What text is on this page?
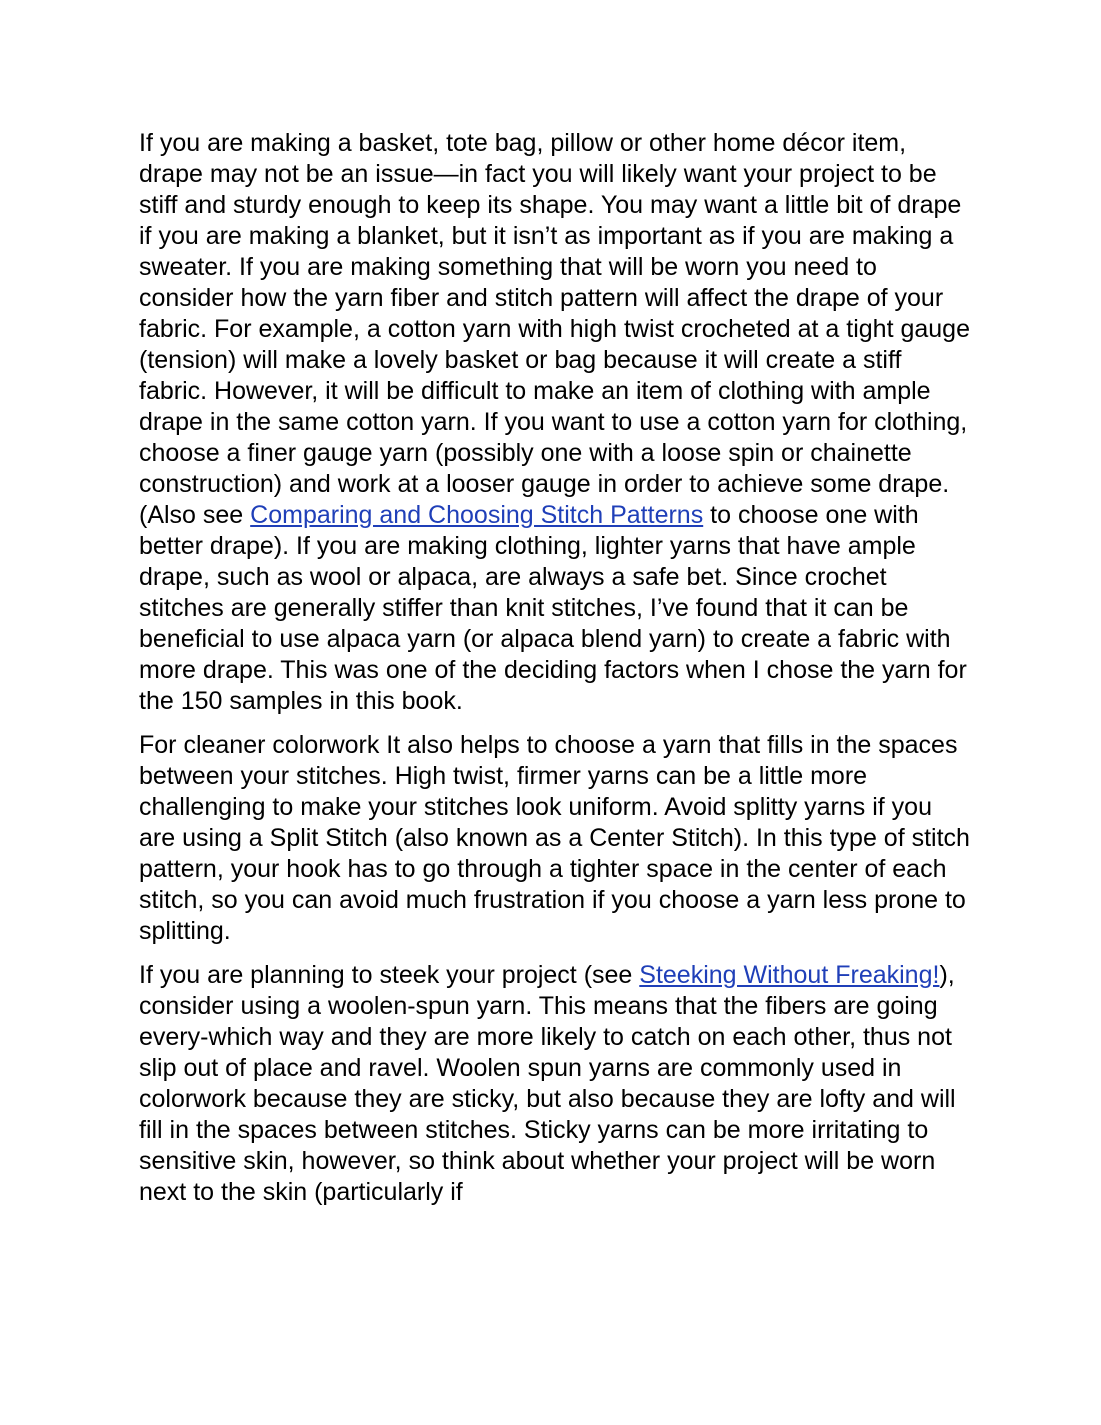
If you are making a basket, tote bag, pillow or other home décor item, drape may not be an issue—in fact you will likely want your project to be stiff and sturdy enough to keep its shape. You may want a little bit of drape if you are making a blanket, but it isn’t as important as if you are making a sweater. If you are making something that will be worn you need to consider how the yarn fiber and stitch pattern will affect the drape of your fabric. For example, a cotton yarn with high twist crocheted at a tight gauge (tension) will make a lovely basket or bag because it will create a stiff fabric. However, it will be difficult to make an item of clothing with ample drape in the same cotton yarn. If you want to use a cotton yarn for clothing, choose a finer gauge yarn (possibly one with a loose spin or chainette construction) and work at a looser gauge in order to achieve some drape. (Also see Comparing and Choosing Stitch Patterns to choose one with better drape). If you are making clothing, lighter yarns that have ample drape, such as wool or alpaca, are always a safe bet. Since crochet stitches are generally stiffer than knit stitches, I’ve found that it can be beneficial to use alpaca yarn (or alpaca blend yarn) to create a fabric with more drape. This was one of the deciding factors when I chose the yarn for the 150 samples in this book.

For cleaner colorwork It also helps to choose a yarn that fills in the spaces between your stitches. High twist, firmer yarns can be a little more challenging to make your stitches look uniform. Avoid splitty yarns if you are using a Split Stitch (also known as a Center Stitch). In this type of stitch pattern, your hook has to go through a tighter space in the center of each stitch, so you can avoid much frustration if you choose a yarn less prone to splitting.

If you are planning to steek your project (see Steeking Without Freaking!), consider using a woolen-spun yarn. This means that the fibers are going every-which way and they are more likely to catch on each other, thus not slip out of place and ravel. Woolen spun yarns are commonly used in colorwork because they are sticky, but also because they are lofty and will fill in the spaces between stitches. Sticky yarns can be more irritating to sensitive skin, however, so think about whether your project will be worn next to the skin (particularly if
